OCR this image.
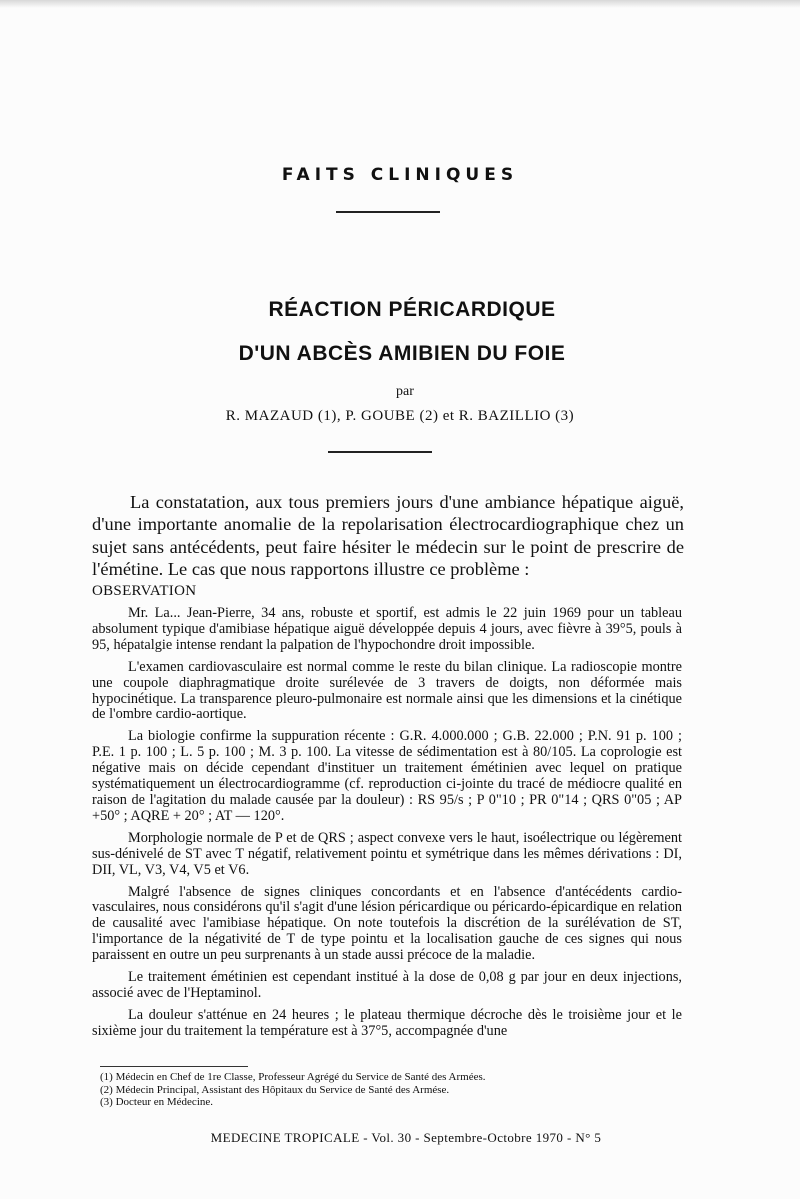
FAITS CLINIQUES
RÉACTION PÉRICARDIQUE
D'UN ABCÈS AMIBIEN DU FOIE
par
R. MAZAUD (1), P. GOUBE (2) et R. BAZILLIO (3)

La constatation, aux tous premiers jours d'une ambiance hépatique aiguë, d'une importante anomalie de la repolarisation électrocardiographique chez un sujet sans antécédents, peut faire hésiter le médecin sur le point de prescrire de l'émétine. Le cas que nous rapportons illustre ce problème :

OBSERVATION

Mr. La... Jean-Pierre, 34 ans, robuste et sportif, est admis le 22 juin 1969 pour un tableau absolument typique d'amibiase hépatique aiguë développée depuis 4 jours, avec fièvre à 39°5, pouls à 95, hépatalgie intense rendant la palpation de l'hypochondre droit impossible.

L'examen cardiovasculaire est normal comme le reste du bilan clinique. La radioscopie montre une coupole diaphragmatique droite surélevée de 3 travers de doigts, non déformée mais hypocinétique. La transparence pleuro-pulmonaire est normale ainsi que les dimensions et la cinétique de l'ombre cardio-aortique.

La biologie confirme la suppuration récente : G.R. 4.000.000 ; G.B. 22.000 ; P.N. 91 p. 100 ; P.E. 1 p. 100 ; L. 5 p. 100 ; M. 3 p. 100. La vitesse de sédimentation est à 80/105. La coprologie est négative mais on décide cependant d'instituer un traitement émétinien avec lequel on pratique systématiquement un électrocardiogramme (cf. reproduction ci-jointe du tracé de médiocre qualité en raison de l'agitation du malade causée par la douleur) : RS 95/s ; P 0"10 ; PR 0"14 ; QRS 0"05 ; AP +50° ; AQRE + 20° ; AT — 120°.

Morphologie normale de P et de QRS ; aspect convexe vers le haut, isoélectrique ou légèrement sus-dénivelé de ST avec T négatif, relativement pointu et symétrique dans les mêmes dérivations : DI, DII, VL, V3, V4, V5 et V6.

Malgré l'absence de signes cliniques concordants et en l'absence d'antécédents cardio-vasculaires, nous considérons qu'il s'agit d'une lésion péricardique ou péricardo-épicardique en relation de causalité avec l'amibiase hépatique. On note toutefois la discrétion de la surélévation de ST, l'importance de la négativité de T de type pointu et la localisation gauche de ces signes qui nous paraissent en outre un peu surprenants à un stade aussi précoce de la maladie.

Le traitement émétinien est cependant institué à la dose de 0,08 g par jour en deux injections, associé avec de l'Heptaminol.

La douleur s'atténue en 24 heures ; le plateau thermique décroche dès le troisième jour et le sixième jour du traitement la température est à 37°5, accompagnée d'une

(1) Médecin en Chef de 1re Classe, Professeur Agrégé du Service de Santé des Armées.
(2) Médecin Principal, Assistant des Hôpitaux du Service de Santé des Armése.
(3) Docteur en Médecine.
MEDECINE TROPICALE - Vol. 30 - Septembre-Octobre 1970 - N° 5
